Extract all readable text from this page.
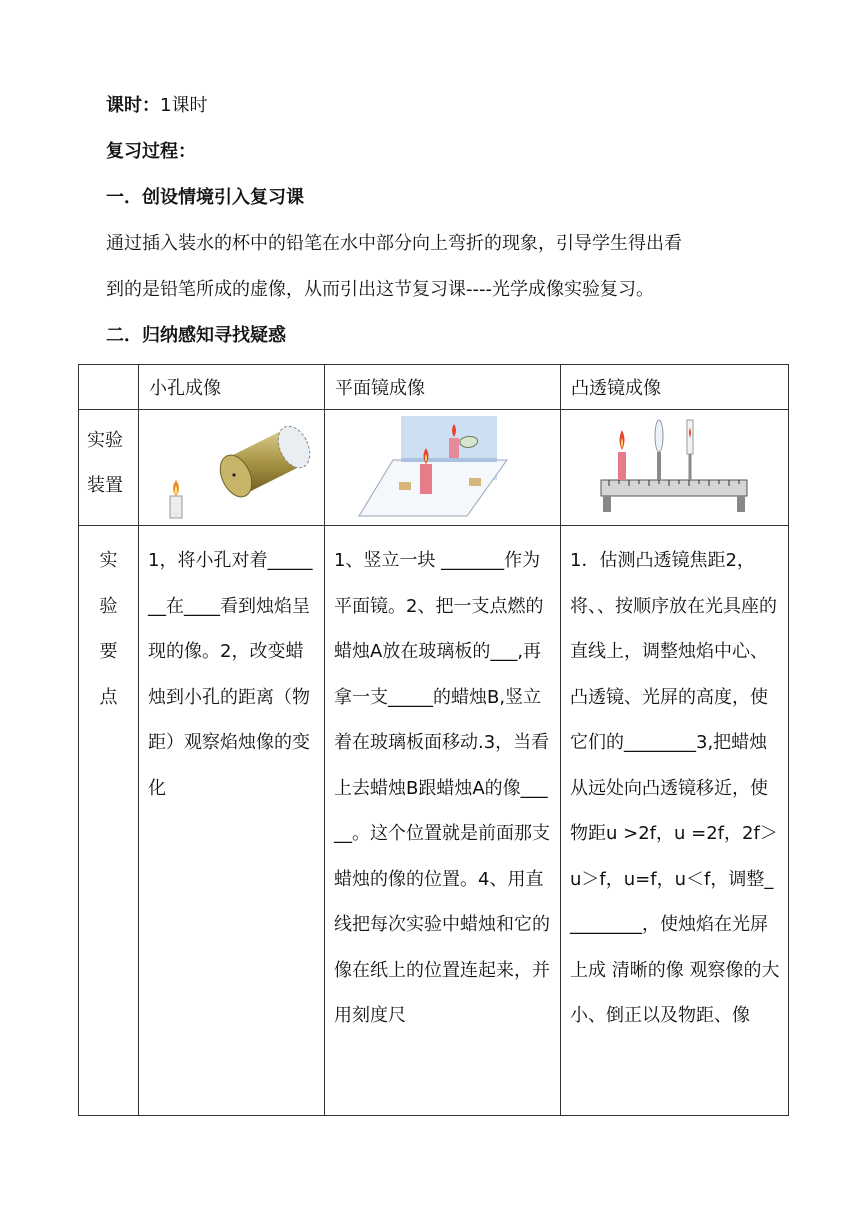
课时：1课时
复习过程：
一．创设情境引入复习课
通过插入装水的杯中的铅笔在水中部分向上弯折的现象，引导学生得出看
到的是铅笔所成的虚像，从而引出这节复习课----光学成像实验复习。
二．归纳感知寻找疑惑

	小孔成像	平面镜成像	凸透镜成像

实验装置

实验要点	1，将小孔对着_______在____看到烛焰呈现的像。2，改变蜡烛到小孔的距离（物距）观察焰烛像的变化	1、竖立一块 _______作为平面镜。2、把一支点燃的蜡烛A放在玻璃板的___,再拿一支_____的蜡烛B,竖立着在玻璃板面移动.3，当看上去蜡烛B跟蜡烛A的像_____。这个位置就是前面那支蜡烛的像的位置。4、用直线把每次实验中蜡烛和它的像在纸上的位置连起来，并用刻度尺	1．估测凸透镜焦距2，将、、按顺序放在光具座的直线上，调整烛焰中心、凸透镜、光屏的高度，使它们的________3,把蜡烛从远处向凸透镜移近，使物距u >2f，u =2f，2f＞u＞f，u=f，u＜f，调整_________，使烛焰在光屏上成 清晰的像 观察像的大小、倒正以及物距、像
